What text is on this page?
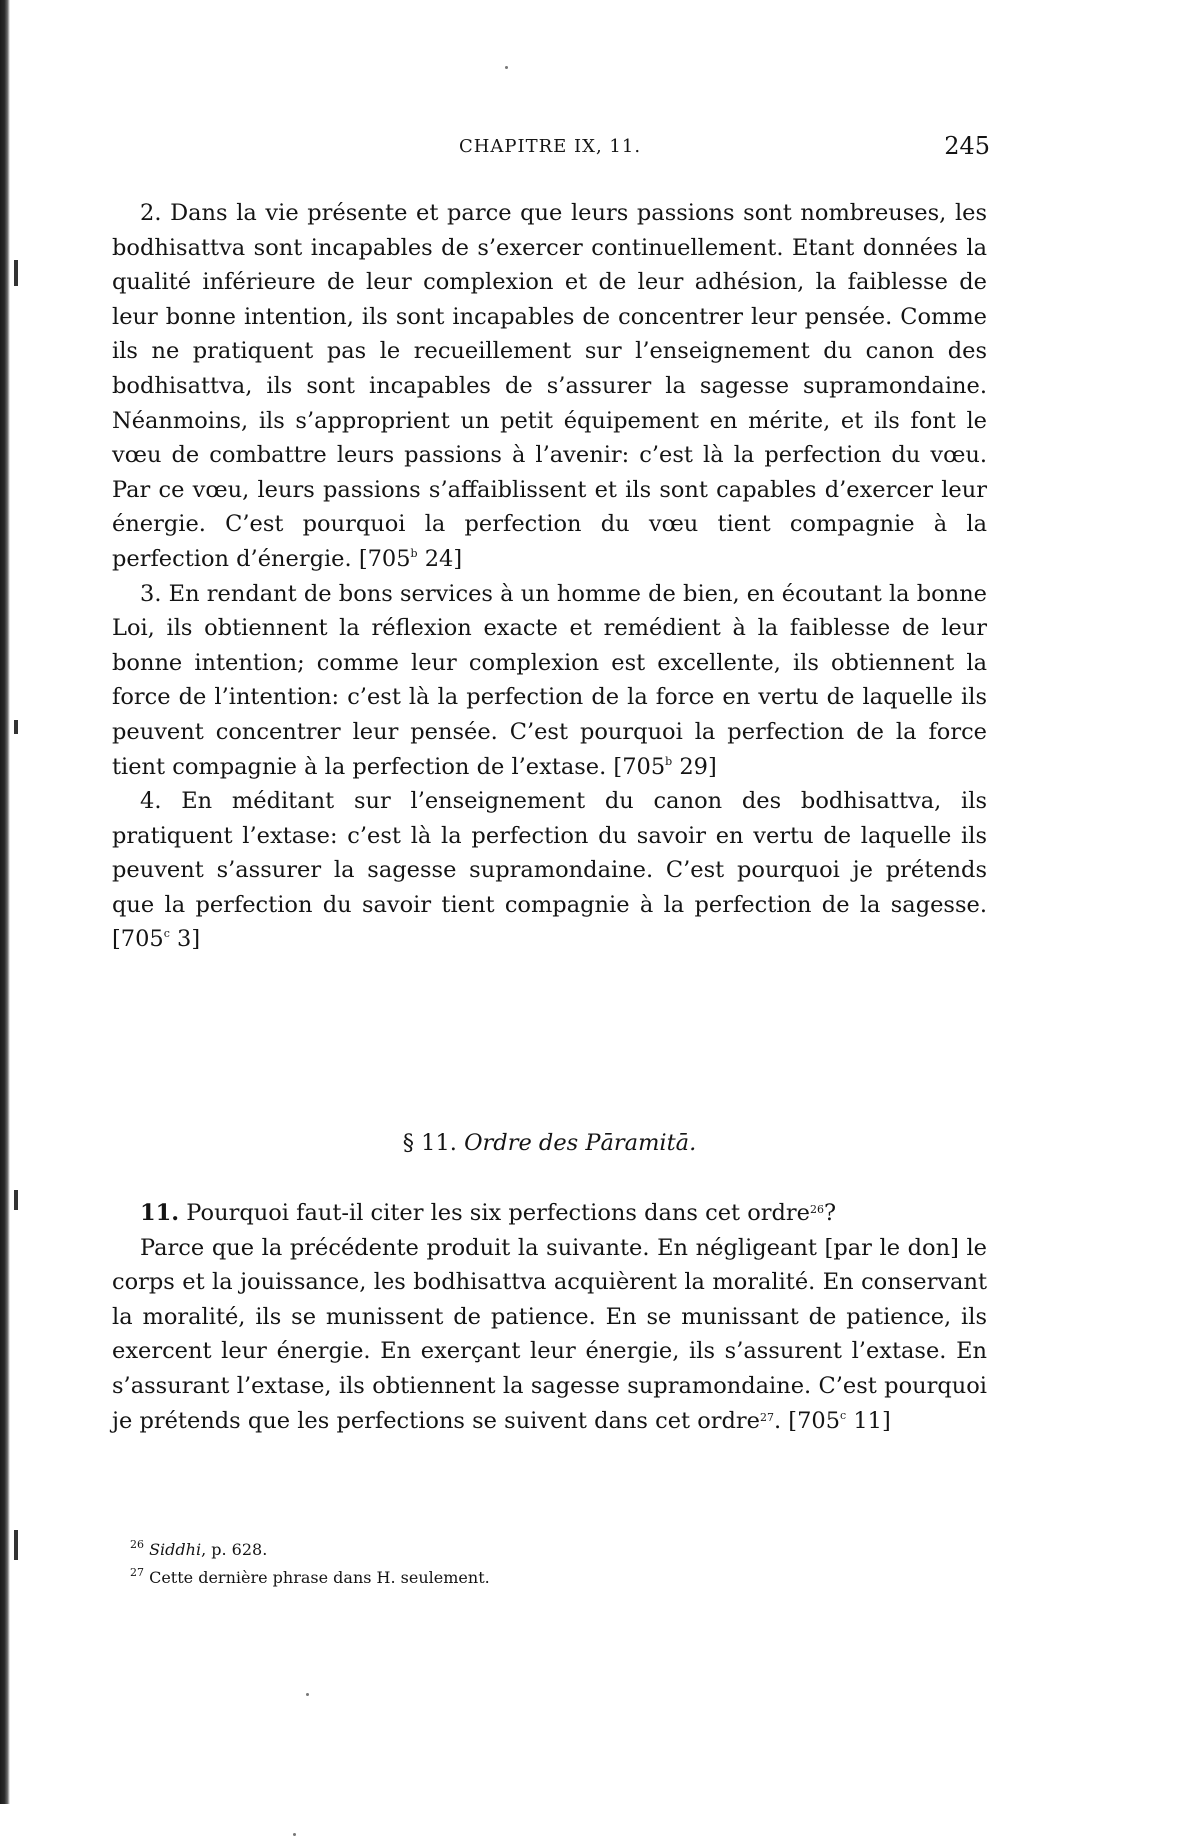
CHAPITRE IX, 11.	245

2. Dans la vie présente et parce que leurs passions sont nombreuses, les bodhisattva sont incapables de s’exercer continuellement. Etant données la qualité inférieure de leur complexion et de leur adhésion, la faiblesse de leur bonne intention, ils sont incapables de concentrer leur pensée. Comme ils ne pratiquent pas le recueillement sur l’enseignement du canon des bodhisattva, ils sont incapables de s’assurer la sagesse supramondaine. Néanmoins, ils s’approprient un petit équipement en mérite, et ils font le vœu de combattre leurs passions à l’avenir: c’est là la perfection du vœu. Par ce vœu, leurs passions s’affaiblissent et ils sont capables d’exercer leur énergie. C’est pourquoi la perfection du vœu tient compagnie à la perfection d’énergie. [705$^b$ 24]

3. En rendant de bons services à un homme de bien, en écoutant la bonne Loi, ils obtiennent la réflexion exacte et remédient à la faiblesse de leur bonne intention; comme leur complexion est excellente, ils obtiennent la force de l’intention: c’est là la perfection de la force en vertu de laquelle ils peuvent concentrer leur pensée. C’est pourquoi la perfection de la force tient compagnie à la perfection de l’extase. [705$^b$ 29]

4. En méditant sur l’enseignement du canon des bodhisattva, ils pratiquent l’extase: c’est là la perfection du savoir en vertu de laquelle ils peuvent s’assurer la sagesse supramondaine. C’est pourquoi je prétends que la perfection du savoir tient compagnie à la perfection de la sagesse. [705$^c$ 3]

§ 11. Ordre des Pāramitā.

11. Pourquoi faut-il citer les six perfections dans cet ordre$^{26}$?

Parce que la précédente produit la suivante. En négligeant [par le don] le corps et la jouissance, les bodhisattva acquièrent la moralité. En conservant la moralité, ils se munissent de patience. En se munissant de patience, ils exercent leur énergie. En exerçant leur énergie, ils s’assurent l’extase. En s’assurant l’extase, ils obtiennent la sagesse supramondaine. C’est pourquoi je prétends que les perfections se suivent dans cet ordre$^{27}$. [705$^c$ 11]

$^{26}$ Siddhi, p. 628.

$^{27}$ Cette dernière phrase dans H. seulement.
